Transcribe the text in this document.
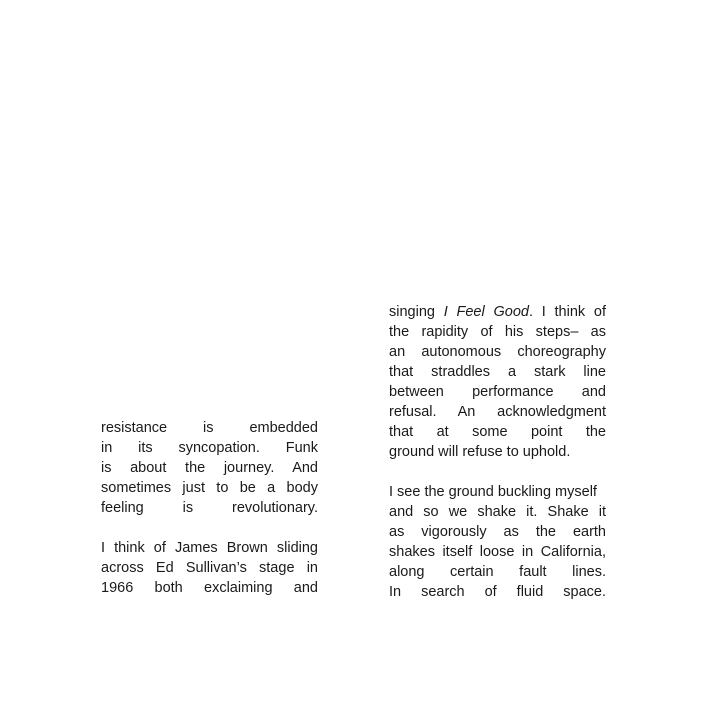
resistance is embedded
in its syncopation. Funk
is about the journey. And
sometimes just to be a body
feeling is revolutionary.
I think of James Brown sliding
across Ed Sullivan’s stage in
1966 both exclaiming and
singing I Feel Good. I think of
the rapidity of his steps– as
an autonomous choreography
that straddles a stark line
between performance and
refusal. An acknowledgment
that at some point the
ground will refuse to uphold.
I see the ground buckling myself
and so we shake it. Shake it
as vigorously as the earth
shakes itself loose in California,
along certain fault lines.
In search of fluid space.
